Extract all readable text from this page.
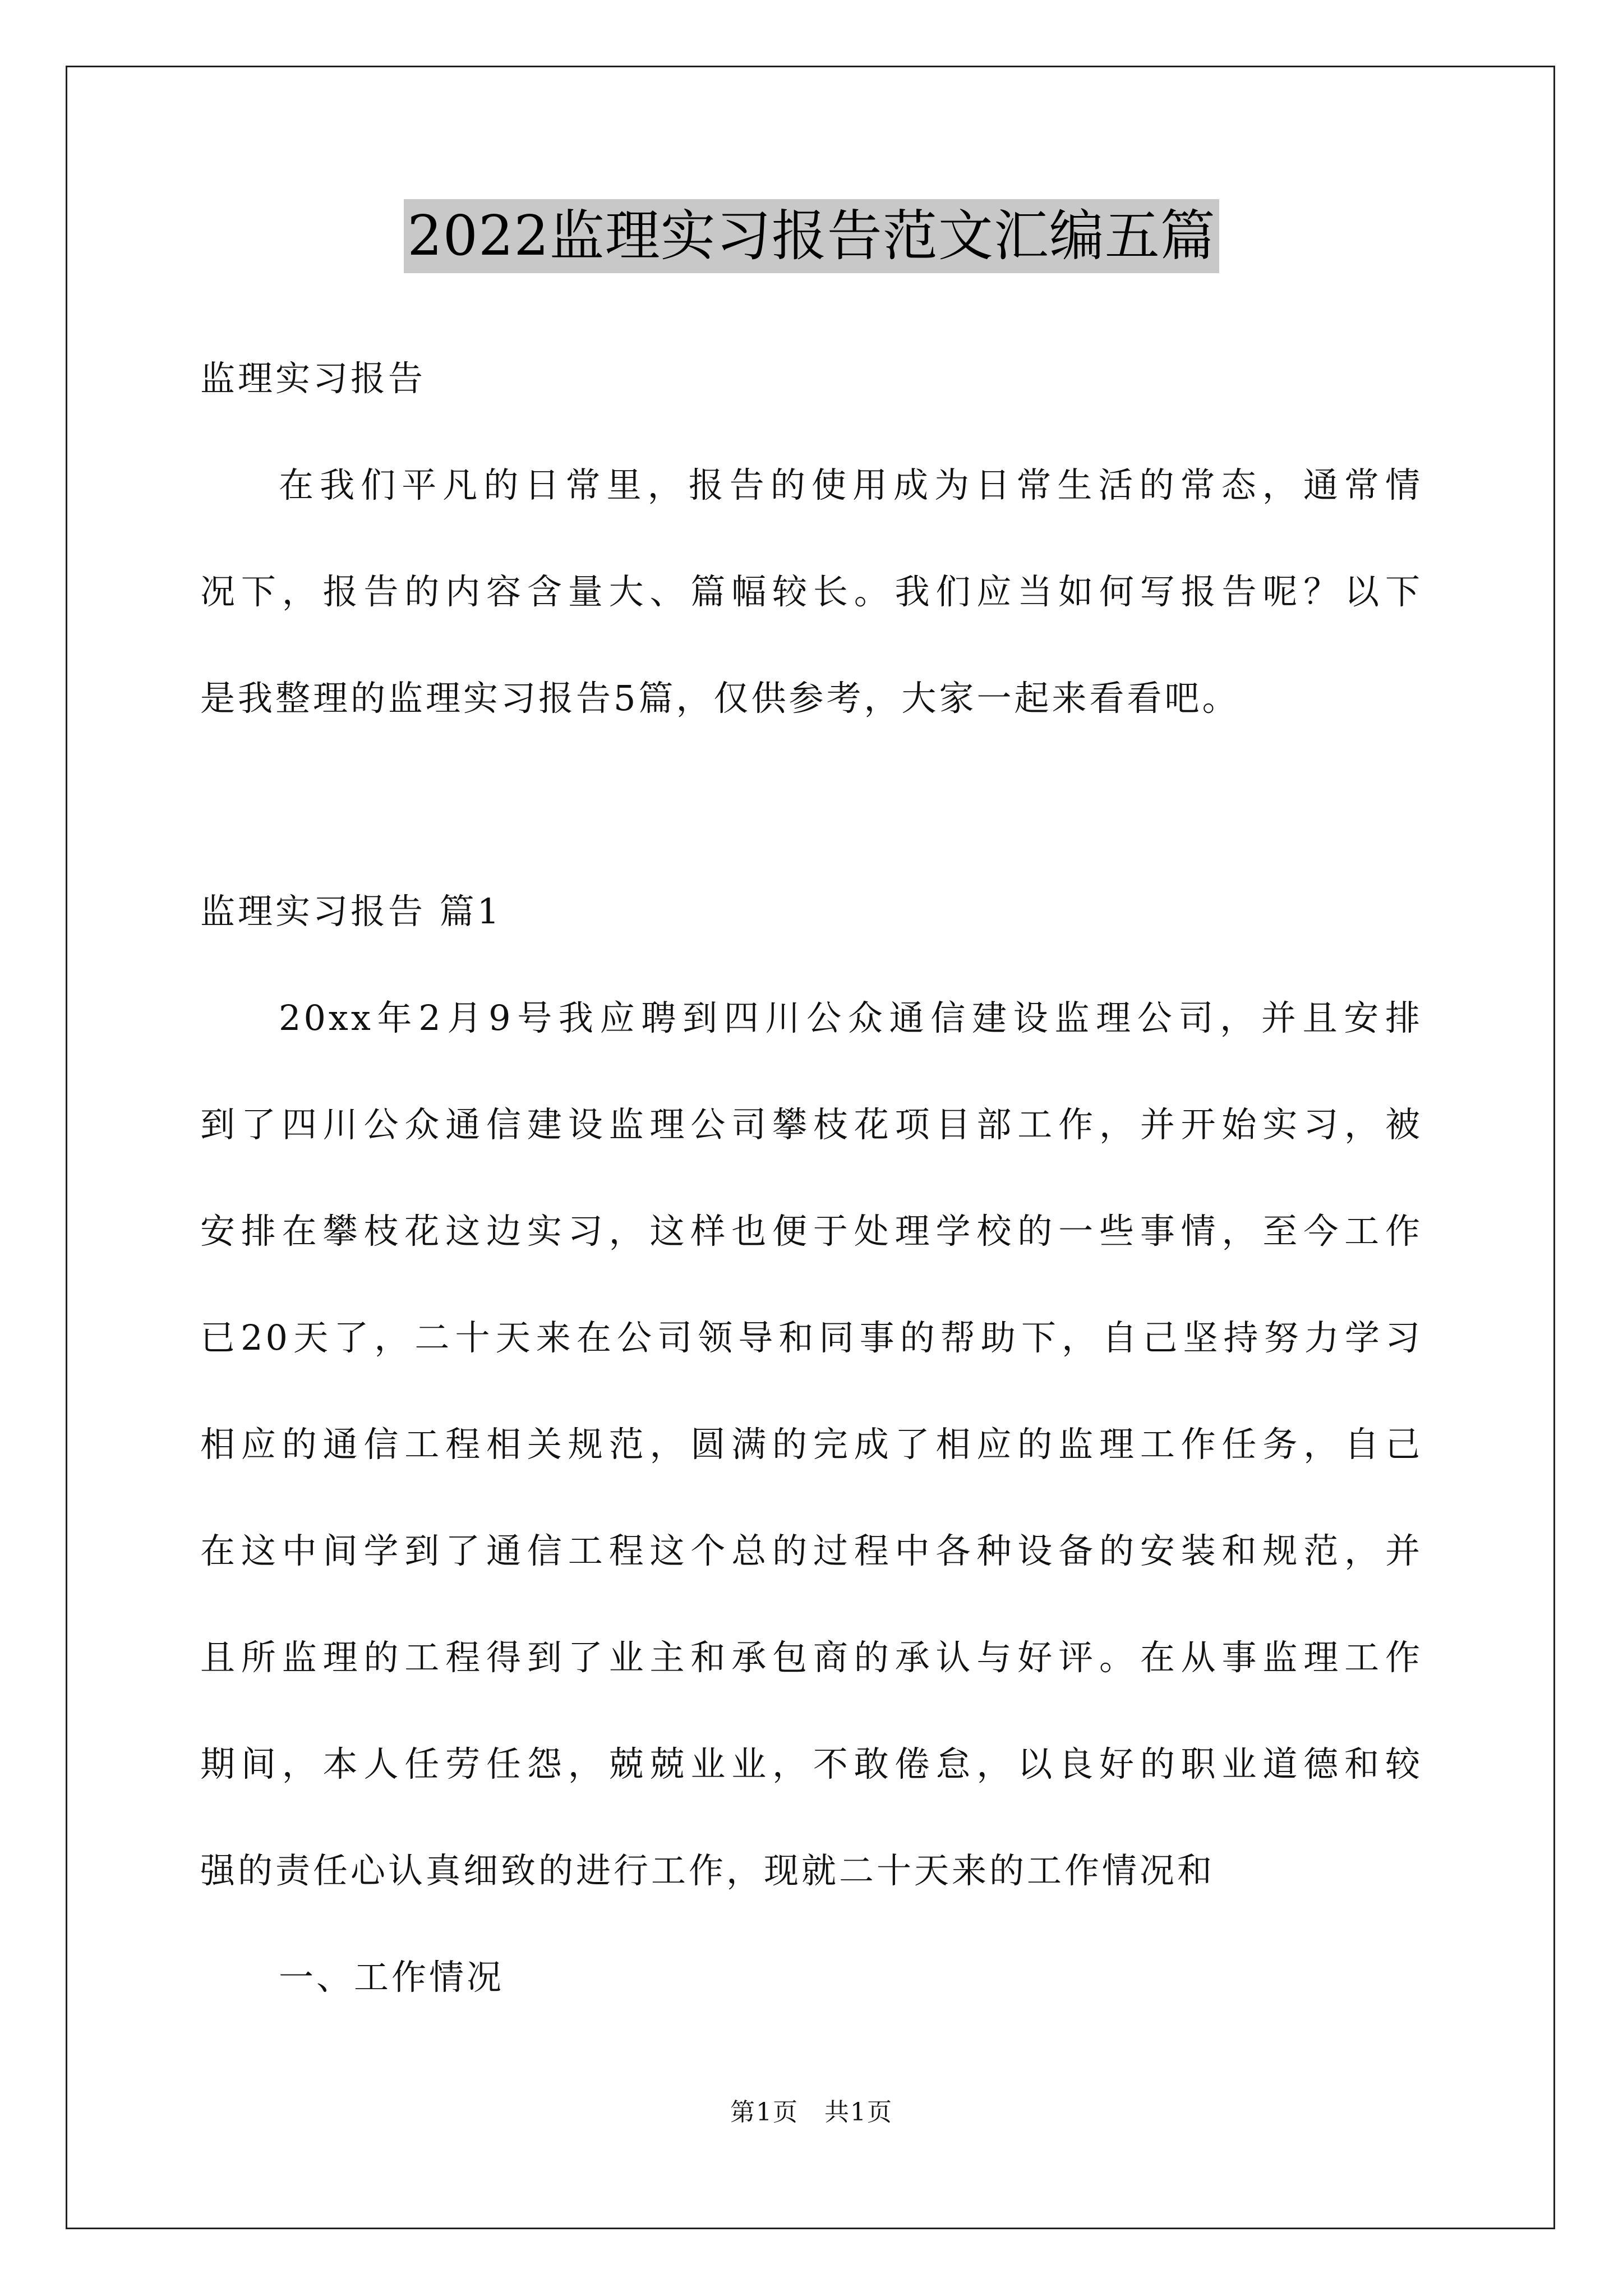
2022监理实习报告范文汇编五篇
监理实习报告
在我们平凡的日常里，报告的使用成为日常生活的常态，通常情
况下，报告的内容含量大、篇幅较长。我们应当如何写报告呢？以下
是我整理的监理实习报告5篇，仅供参考，大家一起来看看吧。
监理实习报告 篇1
20xx年2月9号我应聘到四川公众通信建设监理公司，并且安排
到了四川公众通信建设监理公司攀枝花项目部工作，并开始实习，被
安排在攀枝花这边实习，这样也便于处理学校的一些事情，至今工作
已20天了，二十天来在公司领导和同事的帮助下，自己坚持努力学习
相应的通信工程相关规范，圆满的完成了相应的监理工作任务，自己
在这中间学到了通信工程这个总的过程中各种设备的安装和规范，并
且所监理的工程得到了业主和承包商的承认与好评。在从事监理工作
期间，本人任劳任怨，兢兢业业，不敢倦怠，以良好的职业道德和较
强的责任心认真细致的进行工作，现就二十天来的工作情况和
一、工作情况
第1页　共1页
